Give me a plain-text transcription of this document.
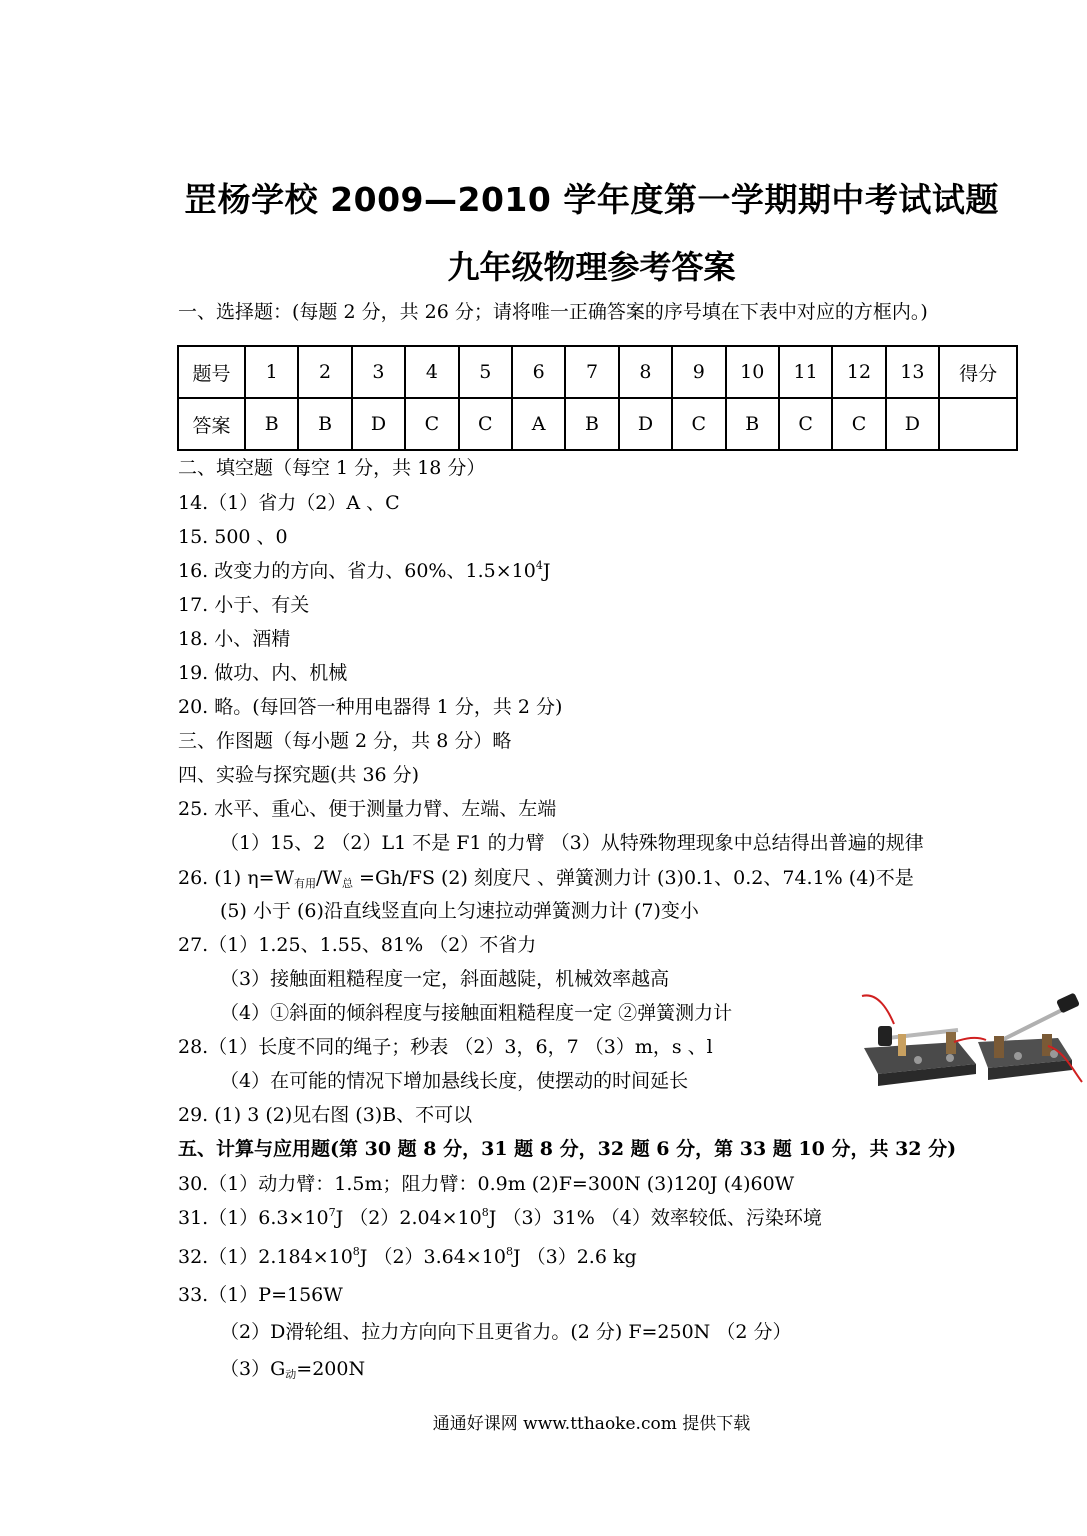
罡杨学校 2009—2010 学年度第一学期期中考试试题
九年级物理参考答案
一、选择题：(每题 2 分，共 26 分；请将唯一正确答案的序号填在下表中对应的方框内。)
题号	1	2	3	4	5	6	7	8	9	10	11	12	13	得分
答案	B	B	D	C	C	A	B	D	C	B	C	C	D	
二、填空题（每空 1 分，共 18 分）
14.（1）省力（2）A 、C
15. 500 、0
16. 改变力的方向、省力、60%、$1.5\times 10^4J$
17. 小于、有关
18. 小、酒精
19. 做功、内、机械
20. 略。(每回答一种用电器得 1 分，共 2 分)
三、作图题（每小题 2 分，共 8 分）略
四、实验与探究题(共 36 分)
25. 水平、重心、便于测量力臂、左端、左端
（1）15、2 （2）L1 不是 F1 的力臂 （3）从特殊物理现象中总结得出普遍的规律
26. (1) $\eta=W_{有用}/W_总 =Gh/FS$ (2) 刻度尺 、弹簧测力计 (3)0.1、0.2、74.1% (4)不是
(5) 小于 (6)沿直线竖直向上匀速拉动弹簧测力计 (7)变小
27.（1）1.25、1.55、81% （2）不省力
（3）接触面粗糙程度一定，斜面越陡，机械效率越高
（4）①斜面的倾斜程度与接触面粗糙程度一定 ②弹簧测力计
28.（1）长度不同的绳子；秒表 （2）3，6，7 （3）m，s 、l
（4）在可能的情况下增加悬线长度，使摆动的时间延长
29. (1) 3 (2)见右图 (3)B、不可以
五、计算与应用题(第 30 题 8 分，31 题 8 分，32 题 6 分，第 33 题 10 分，共 32 分)
30.（1）动力臂：1.5m；阻力臂：0.9m (2)F=300N (3)120J (4)60W
$31.(1)6.3\times 10^7J$ $(2)2.04\times 10^8J$ （3）31% （4）效率较低、污染环境
$32.(1)2.184\times 10^8J$ $(2)3.64\times 10^8J$ （3）2.6 kg
33.（1）P=156W
（2）D滑轮组、拉力方向向下且更省力。(2 分) F=250N （2 分）
$(3)G_动=200N$
通通好课网 www.tthaoke.com 提供下载
